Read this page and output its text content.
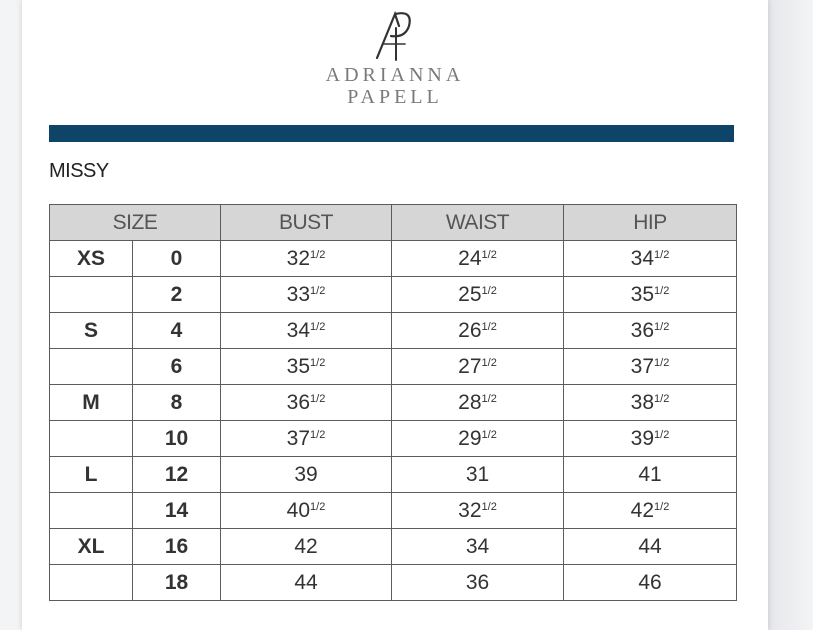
ADRIANNA
PAPELL
MISSY
SIZE		BUST	WAIST	HIP
XS	0	$32^{1/2}$	$24^{1/2}$	$34^{1/2}$
	2	$33^{1/2}$	$25^{1/2}$	$35^{1/2}$
S	4	$34^{1/2}$	$26^{1/2}$	$36^{1/2}$
	6	$35^{1/2}$	$27^{1/2}$	$37^{1/2}$
M	8	$36^{1/2}$	$28^{1/2}$	$38^{1/2}$
	10	$37^{1/2}$	$29^{1/2}$	$39^{1/2}$
L	12	39	31	41
	14	$40^{1/2}$	$32^{1/2}$	$42^{1/2}$
XL	16	42	34	44
	18	44	36	46
